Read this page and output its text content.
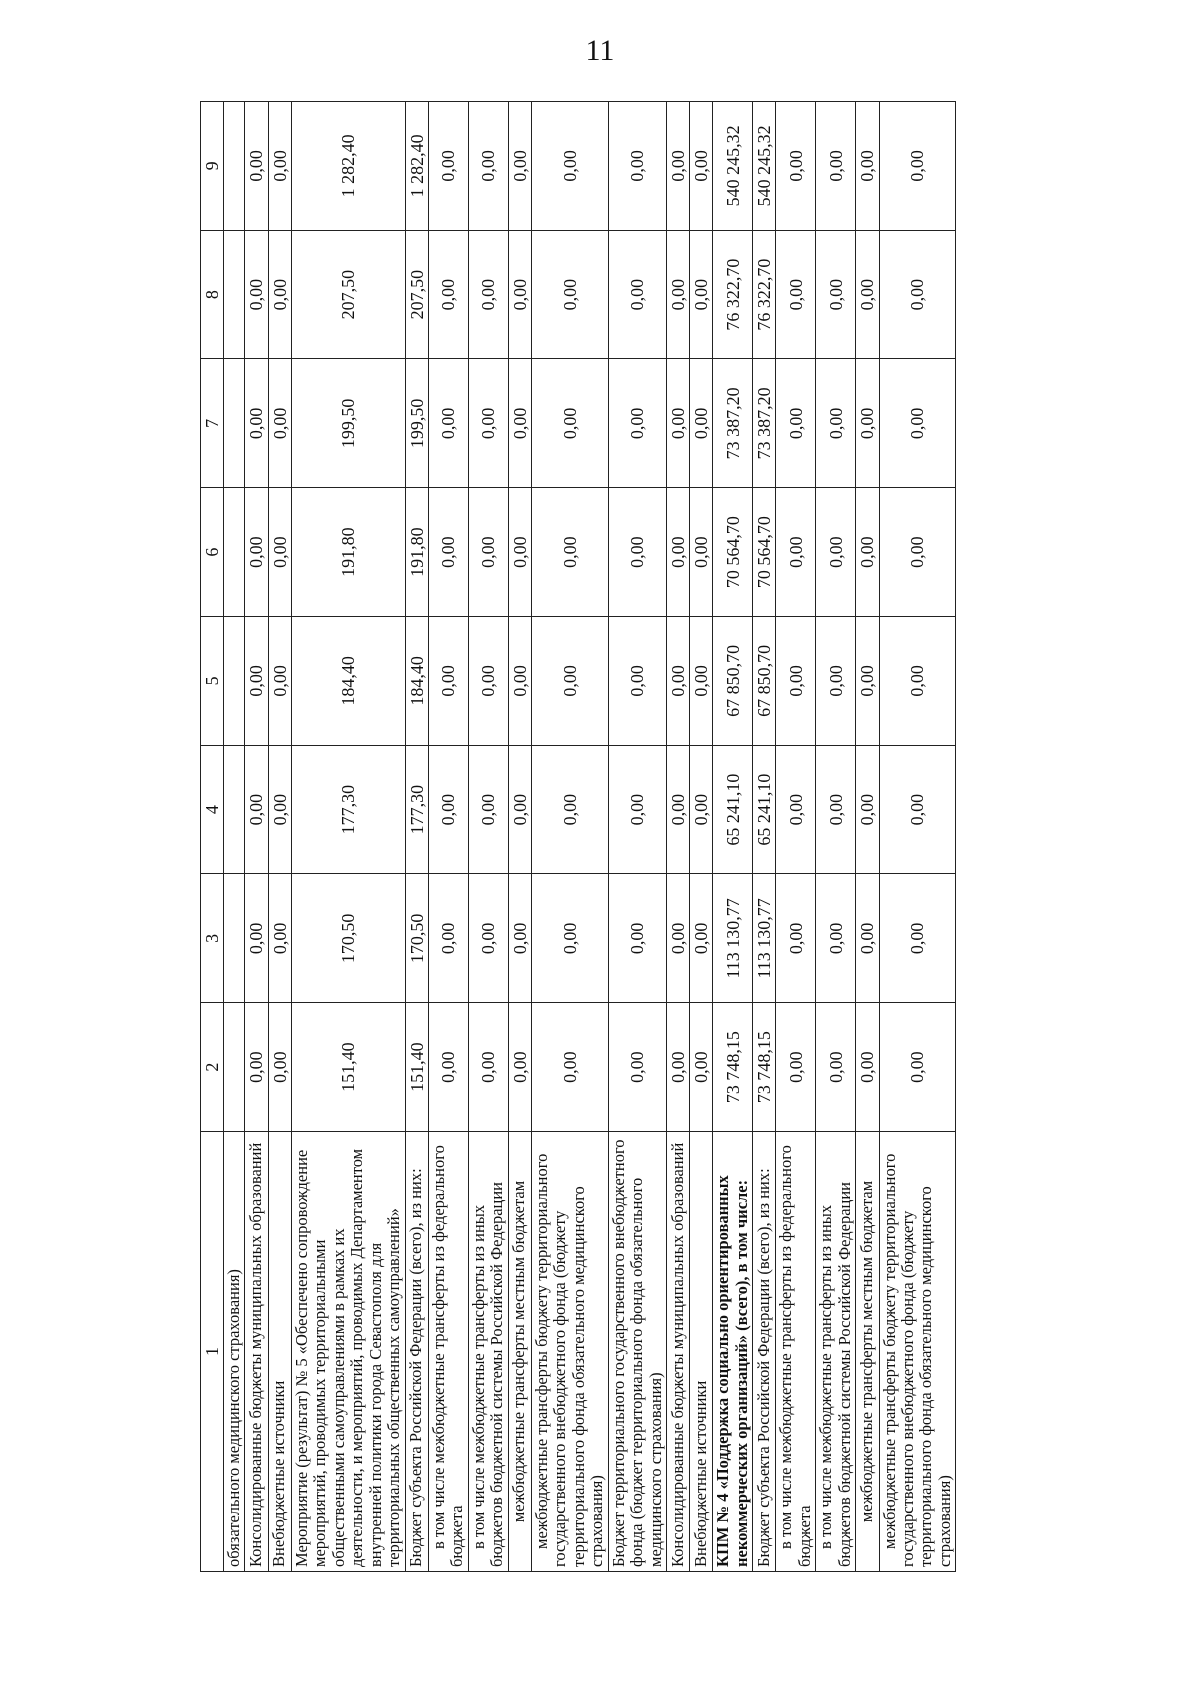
11
1	2	3	4	5	6	7	8	9
обязательного медицинского страхования)								
Консолидированные бюджеты муниципальных образований	0,00	0,00	0,00	0,00	0,00	0,00	0,00	0,00
Внебюджетные источники	0,00	0,00	0,00	0,00	0,00	0,00	0,00	0,00
Мероприятие (результат) № 5 «Обеспечено сопровождение мероприятий, проводимых территориальными общественными самоуправлениями в рамках их деятельности, и мероприятий, проводимых Департаментом внутренней политики города Севастополя для территориальных общественных самоуправлений»	151,40	170,50	177,30	184,40	191,80	199,50	207,50	1 282,40
Бюджет субъекта Российской Федерации (всего), из них:	151,40	170,50	177,30	184,40	191,80	199,50	207,50	1 282,40
в том числе межбюджетные трансферты из федерального бюджета	0,00	0,00	0,00	0,00	0,00	0,00	0,00	0,00
в том числе межбюджетные трансферты из иных бюджетов бюджетной системы Российской Федерации	0,00	0,00	0,00	0,00	0,00	0,00	0,00	0,00
межбюджетные трансферты местным бюджетам	0,00	0,00	0,00	0,00	0,00	0,00	0,00	0,00
межбюджетные трансферты бюджету территориального государственного внебюджетного фонда (бюджету территориального фонда обязательного медицинского страхования)	0,00	0,00	0,00	0,00	0,00	0,00	0,00	0,00
Бюджет территориального государственного внебюджетного фонда (бюджет территориального фонда обязательного медицинского страхования)	0,00	0,00	0,00	0,00	0,00	0,00	0,00	0,00
Консолидированные бюджеты муниципальных образований	0,00	0,00	0,00	0,00	0,00	0,00	0,00	0,00
Внебюджетные источники	0,00	0,00	0,00	0,00	0,00	0,00	0,00	0,00
КПМ № 4 «Поддержка социально ориентированных некоммерческих организаций» (всего), в том числе:	73 748,15	113 130,77	65 241,10	67 850,70	70 564,70	73 387,20	76 322,70	540 245,32
Бюджет субъекта Российской Федерации (всего), из них:	73 748,15	113 130,77	65 241,10	67 850,70	70 564,70	73 387,20	76 322,70	540 245,32
в том числе межбюджетные трансферты из федерального бюджета	0,00	0,00	0,00	0,00	0,00	0,00	0,00	0,00
в том числе межбюджетные трансферты из иных бюджетов бюджетной системы Российской Федерации	0,00	0,00	0,00	0,00	0,00	0,00	0,00	0,00
межбюджетные трансферты местным бюджетам	0,00	0,00	0,00	0,00	0,00	0,00	0,00	0,00
межбюджетные трансферты бюджету территориального государственного внебюджетного фонда (бюджету территориального фонда обязательного медицинского страхования)	0,00	0,00	0,00	0,00	0,00	0,00	0,00	0,00
